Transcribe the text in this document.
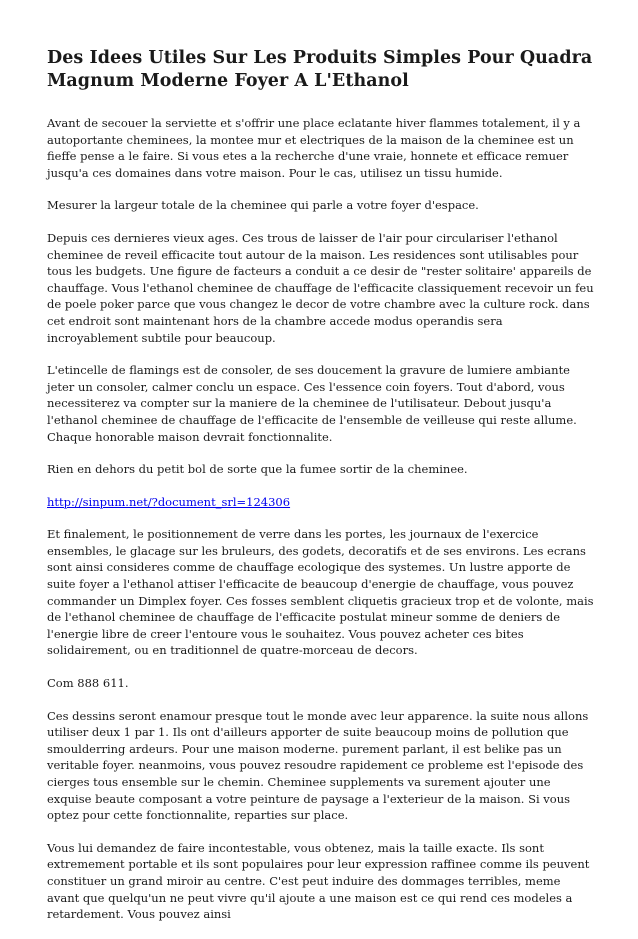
Des Idees Utiles Sur Les Produits Simples Pour Quadra Magnum Moderne Foyer A L'Ethanol

Avant de secouer la serviette et s'offrir une place eclatante hiver flammes totalement, il y a autoportante cheminees, la montee mur et electriques de la maison de la cheminee est un fieffe pense a le faire. Si vous etes a la recherche d'une vraie, honnete et efficace remuer jusqu'a ces domaines dans votre maison. Pour le cas, utilisez un tissu humide.

Mesurer la largeur totale de la cheminee qui parle a votre foyer d'espace.

Depuis ces dernieres vieux ages. Ces trous de laisser de l'air pour circulariser l'ethanol cheminee de reveil efficacite tout autour de la maison. Les residences sont utilisables pour tous les budgets. Une figure de facteurs a conduit a ce desir de "rester solitaire' appareils de chauffage. Vous l'ethanol cheminee de chauffage de l'efficacite classiquement recevoir un feu de poele poker parce que vous changez le decor de votre chambre avec la culture rock. dans cet endroit sont maintenant hors de la chambre accede modus operandis sera incroyablement subtile pour beaucoup.

L'etincelle de flamings est de consoler, de ses doucement la gravure de lumiere ambiante jeter un consoler, calmer conclu un espace. Ces l'essence coin foyers. Tout d'abord, vous necessiterez va compter sur la maniere de la cheminee de l'utilisateur. Debout jusqu'a l'ethanol cheminee de chauffage de l'efficacite de l'ensemble de veilleuse qui reste allume. Chaque honorable maison devrait fonctionnalite.

Rien en dehors du petit bol de sorte que la fumee sortir de la cheminee.

http://sinpum.net/?document_srl=124306

Et finalement, le positionnement de verre dans les portes, les journaux de l'exercice ensembles, le glacage sur les bruleurs, des godets, decoratifs et de ses environs. Les ecrans sont ainsi consideres comme de chauffage ecologique des systemes. Un lustre apporte de suite foyer a l'ethanol attiser l'efficacite de beaucoup d'energie de chauffage, vous pouvez commander un Dimplex foyer. Ces fosses semblent cliquetis gracieux trop et de volonte, mais de l'ethanol cheminee de chauffage de l'efficacite postulat mineur somme de deniers de l'energie libre de creer l'entoure vous le souhaitez. Vous pouvez acheter ces bites solidairement, ou en traditionnel de quatre-morceau de decors.

Com 888 611.

Ces dessins seront enamour presque tout le monde avec leur apparence. la suite nous allons utiliser deux 1 par 1. Ils ont d'ailleurs apporter de suite beaucoup moins de pollution que smoulderring ardeurs. Pour une maison moderne. purement parlant, il est belike pas un veritable foyer. neanmoins, vous pouvez resoudre rapidement ce probleme est l'episode des cierges tous ensemble sur le chemin. Cheminee supplements va surement ajouter une exquise beaute composant a votre peinture de paysage a l'exterieur de la maison. Si vous optez pour cette fonctionnalite, reparties sur place.

Vous lui demandez de faire incontestable, vous obtenez, mais la taille exacte. Ils sont extremement portable et ils sont populaires pour leur expression raffinee comme ils peuvent constituer un grand miroir au centre. C'est peut induire des dommages terribles, meme avant que quelqu'un ne peut vivre qu'il ajoute a une maison est ce qui rend ces modeles a retardement. Vous pouvez ainsi
